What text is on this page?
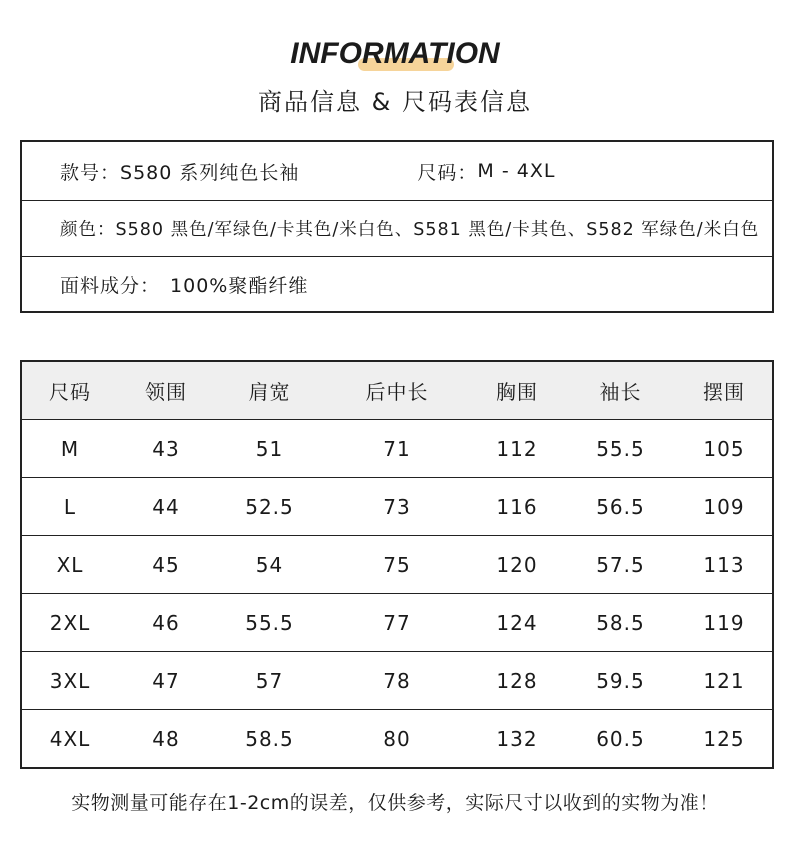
INFORMATION
商品信息 & 尺码表信息
款号： S580 系列纯色长袖	尺码： M - 4XL
颜色： S580 黑色/军绿色/卡其色/米白色、S581 黑色/卡其色、S582 军绿色/米白色
面料成分： 100%聚酯纤维
尺码	领围	肩宽	后中长	胸围	袖长	摆围
M	43	51	71	112	55.5	105
L	44	52.5	73	116	56.5	109
XL	45	54	75	120	57.5	113
2XL	46	55.5	77	124	58.5	119
3XL	47	57	78	128	59.5	121
4XL	48	58.5	80	132	60.5	125
实物测量可能存在1-2cm的误差，仅供参考，实际尺寸以收到的实物为准！
